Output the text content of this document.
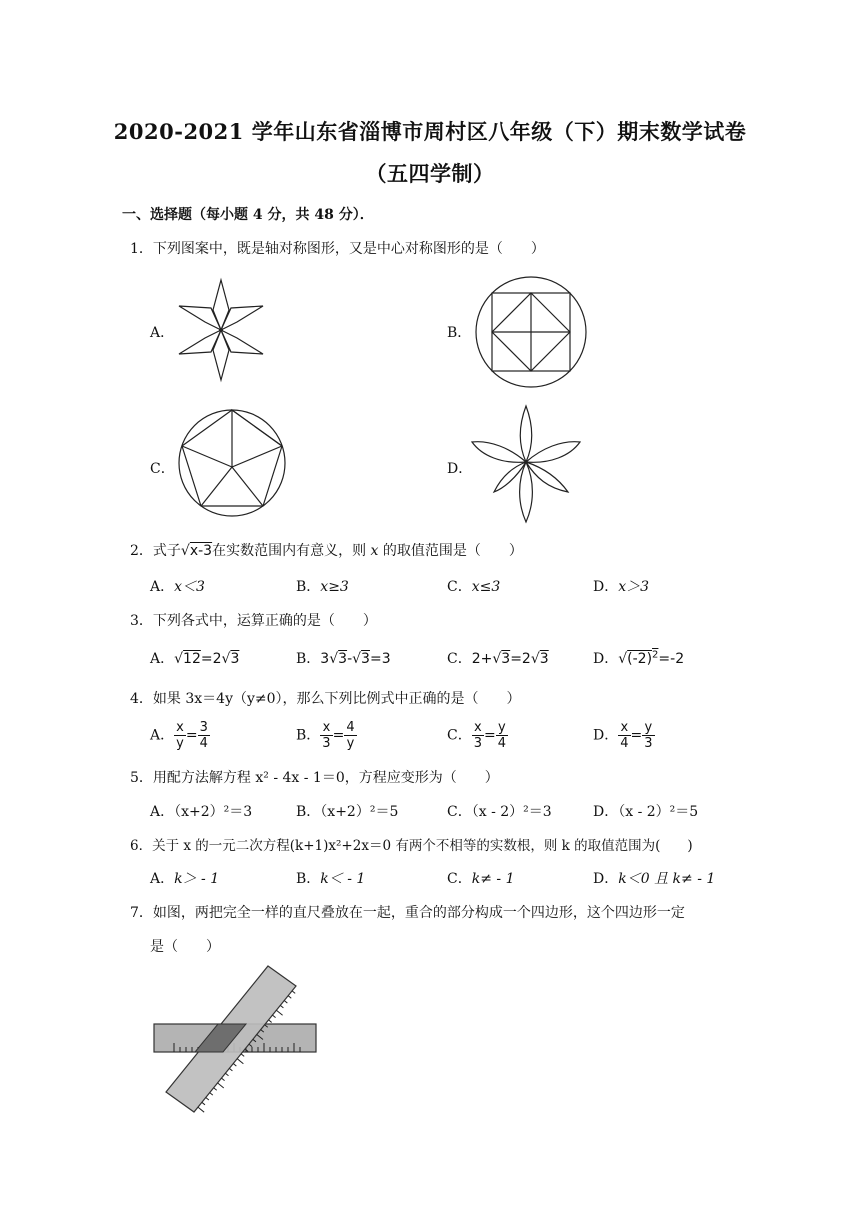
2020-2021 学年山东省淄博市周村区八年级（下）期末数学试卷
（五四学制）
一、选择题（每小题 4 分，共 48 分）．
1．下列图案中，既是轴对称图形，又是中心对称图形的是（　　）
A．	B．
C．	D．
2．式子√x-3在实数范围内有意义，则 x 的取值范围是（　　）
A．x＜3	B．x≥3	C．x≤3	D．x＞3
3．下列各式中，运算正确的是（　　）
A．√12=2√3	B．3√3-√3=3	C．2+√3=2√3	D．$√(-2)^2=-2$
4．如果 3x＝4y（y≠0），那么下列比例式中正确的是（　　）
A． $\frac{x}{y} = \frac{3}{4}$	B． $\frac{x}{3} = \frac{4}{y}$	C． $\frac{x}{3} = \frac{y}{4}$	D． $\frac{x}{4} = \frac{y}{3}$
5．用配方法解方程 x² - 4x - 1＝0，方程应变形为（　　）
A．（x+2）²＝3	B．（x+2）²＝5	C．（x - 2）²＝3	D．（x - 2）²＝5
6．关于 x 的一元二次方程(k+1)x²+2x＝0 有两个不相等的实数根，则 k 的取值范围为(　　)
A．k＞ - 1	B．k＜ - 1	C．k≠ - 1	D．k＜0 且 k≠ - 1
7．如图，两把完全一样的直尺叠放在一起，重合的部分构成一个四边形，这个四边形一定
是（　　）
